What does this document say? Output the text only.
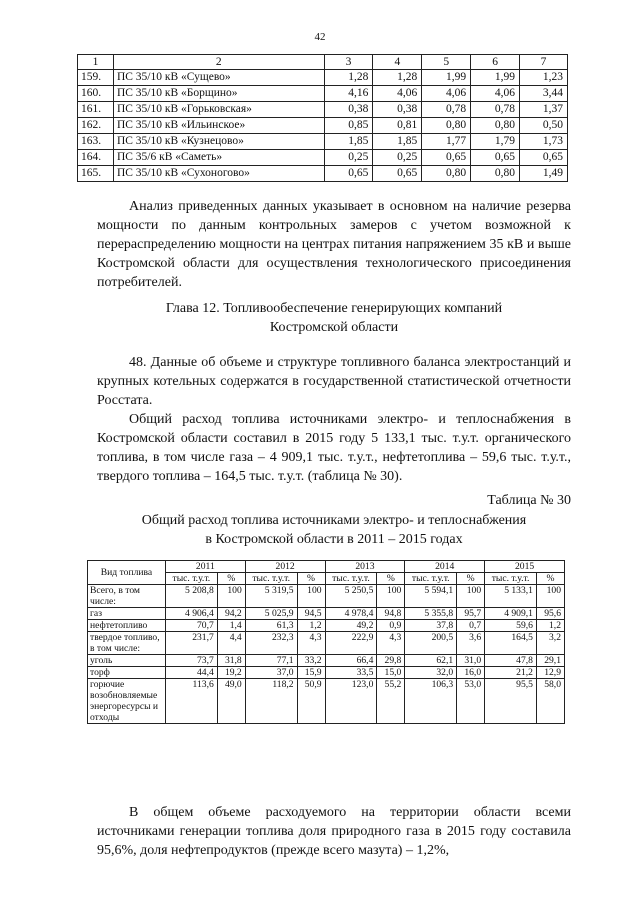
42
1	2	3	4	5	6	7
159.	ПС 35/10 кВ «Сущево»	1,28	1,28	1,99	1,99	1,23
160.	ПС 35/10 кВ «Борщино»	4,16	4,06	4,06	4,06	3,44
161.	ПС 35/10 кВ «Горьковская»	0,38	0,38	0,78	0,78	1,37
162.	ПС 35/10 кВ «Ильинское»	0,85	0,81	0,80	0,80	0,50
163.	ПС 35/10 кВ «Кузнецово»	1,85	1,85	1,77	1,79	1,73
164.	ПС 35/6 кВ «Саметь»	0,25	0,25	0,65	0,65	0,65
165.	ПС 35/10 кВ «Сухоногово»	0,65	0,65	0,80	0,80	1,49

Анализ приведенных данных указывает в основном на наличие резерва мощности по данным контрольных замеров с учетом возможной к перераспределению мощности на центрах питания напряжением 35 кВ и выше Костромской области для осуществления технологического присоединения потребителей.

Глава 12. Топливообеспечение генерирующих компаний

Костромской области

48. Данные об объеме и структуре топливного баланса электростанций и крупных котельных содержатся в государственной статистической отчетности Росстата.

Общий расход топлива источниками электро- и теплоснабжения в Костромской области составил в 2015 году 5 133,1 тыс. т.у.т. органического топлива, в том числе газа – 4 909,1 тыс. т.у.т., нефтетоплива – 59,6 тыс. т.у.т., твердого топлива – 164,5 тыс. т.у.т. (таблица № 30).

Таблица № 30

Общий расход топлива источниками электро- и теплоснабжения

в Костромской области в 2011 – 2015 годах

Вид топлива	2011		2012		2013		2014		2015	
	тыс. т.у.т.	%	тыс. т.у.т.	%	тыс. т.у.т.	%	тыс. т.у.т.	%	тыс. т.у.т.	%
Всего, в том числе:	5 208,8	100	5 319,5	100	5 250,5	100	5 594,1	100	5 133,1	100
газ	4 906,4	94,2	5 025,9	94,5	4 978,4	94,8	5 355,8	95,7	4 909,1	95,6
нефтетопливо	70,7	1,4	61,3	1,2	49,2	0,9	37,8	0,7	59,6	1,2
твердое топливо, в том числе:	231,7	4,4	232,3	4,3	222,9	4,3	200,5	3,6	164,5	3,2
уголь	73,7	31,8	77,1	33,2	66,4	29,8	62,1	31,0	47,8	29,1
торф	44,4	19,2	37,0	15,9	33,5	15,0	32,0	16,0	21,2	12,9
горючие возобновляемые энергоресурсы и отходы	113,6	49,0	118,2	50,9	123,0	55,2	106,3	53,0	95,5	58,0

В общем объеме расходуемого на территории области всеми источниками генерации топлива доля природного газа в 2015 году составила 95,6%, доля нефтепродуктов (прежде всего мазута) – 1,2%,
